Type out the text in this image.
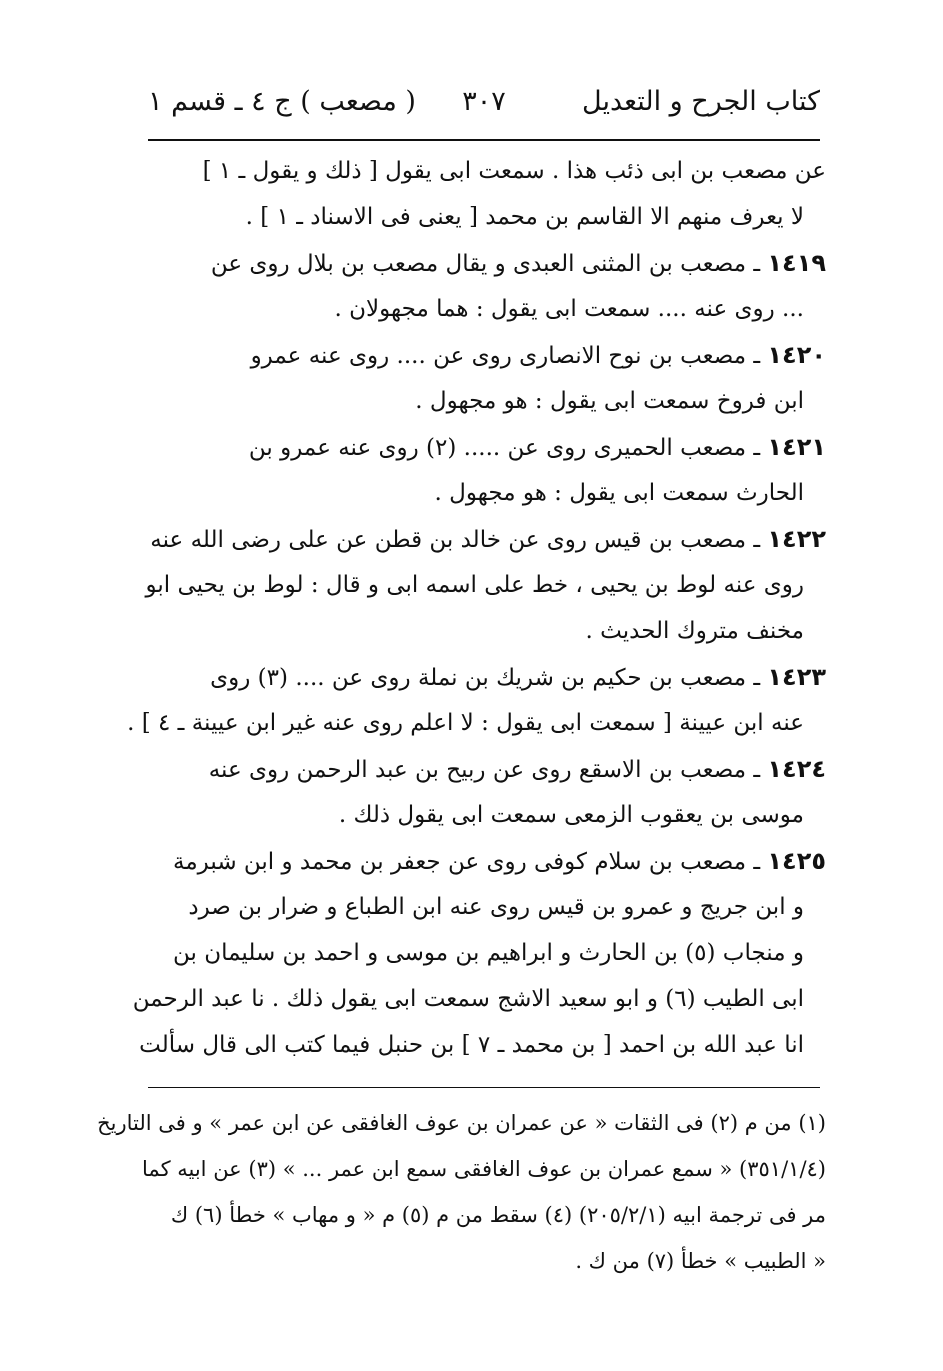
كتاب الجرح و التعديل
٣٠٧
( مصعب ) ج ٤ ـ قسم ١
عن مصعب بن ابى ذئب هذا . سمعت ابى يقول [ ذلك و يقول ـ ١ ]
لا يعرف منهم الا القاسم بن محمد [ يعنى فى الاسناد ـ ١ ] .
١٤١٩ ـ مصعب بن المثنى العبدى و يقال مصعب بن بلال روى عن
... روى عنه .... سمعت ابى يقول : هما مجهولان .
١٤٢٠ ـ مصعب بن نوح الانصارى روى عن .... روى عنه عمرو
ابن فروخ سمعت ابى يقول : هو مجهول .
١٤٢١ ـ مصعب الحميرى روى عن ..... (٢) روى عنه عمرو بن
الحارث سمعت ابى يقول : هو مجهول .
١٤٢٢ ـ مصعب بن قيس روى عن خالد بن قطن عن على رضى الله عنه
روى عنه لوط بن يحيى ، خط على اسمه ابى و قال : لوط بن يحيى ابو
مخنف متروك الحديث .
١٤٢٣ ـ مصعب بن حكيم بن شريك بن نملة روى عن .... (٣) روى
عنه ابن عيينة [ سمعت ابى يقول : لا اعلم روى عنه غير ابن عيينة ـ ٤ ] .
١٤٢٤ ـ مصعب بن الاسقع روى عن ربيح بن عبد الرحمن روى عنه
موسى بن يعقوب الزمعى سمعت ابى يقول ذلك .
١٤٢٥ ـ مصعب بن سلام كوفى روى عن جعفر بن محمد و ابن شبرمة
و ابن جريج و عمرو بن قيس روى عنه ابن الطباع و ضرار بن صرد
و منجاب (٥) بن الحارث و ابراهيم بن موسى و احمد بن سليمان بن
ابى الطيب (٦) و ابو سعيد الاشج سمعت ابى يقول ذلك . نا عبد الرحمن
انا عبد الله بن احمد [ بن محمد ـ ٧ ] بن حنبل فيما كتب الى قال سألت
(١) من م (٢) فى الثقات « عن عمران بن عوف الغافقى عن ابن عمر » و فى التاريخ
(٣٥١/١/٤) « سمع عمران بن عوف الغافقى سمع ابن عمر ... » (٣) عن ابيه كما
مر فى ترجمة ابيه (٢٠٥/٢/١) (٤) سقط من م (٥) م « و مهاب » خطأ (٦) ك
« الطبيب » خطأ (٧) من ك .
